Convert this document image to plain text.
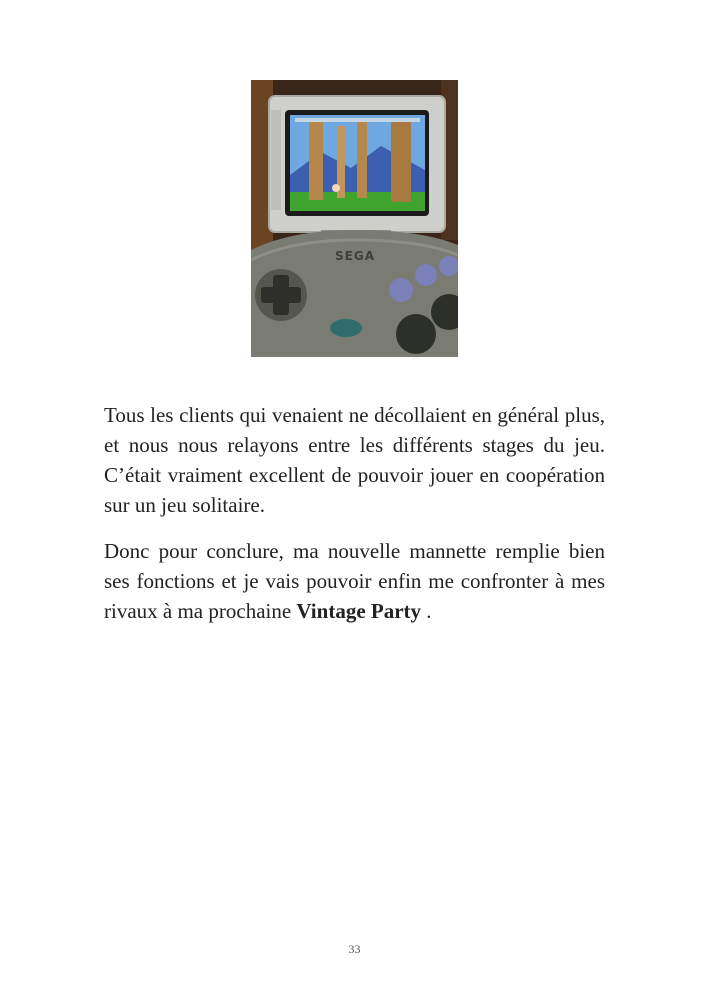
SEGA

Tous les clients qui venaient ne décollaient en général plus, et nous nous relayons entre les différents stages du jeu. C’était vraiment excellent de pouvoir jouer en coopération sur un jeu solitaire.

Donc pour conclure, ma nouvelle mannette remplie bien ses fonctions et je vais pouvoir enfin me confronter à mes rivaux à ma prochaine Vintage Party .

33
